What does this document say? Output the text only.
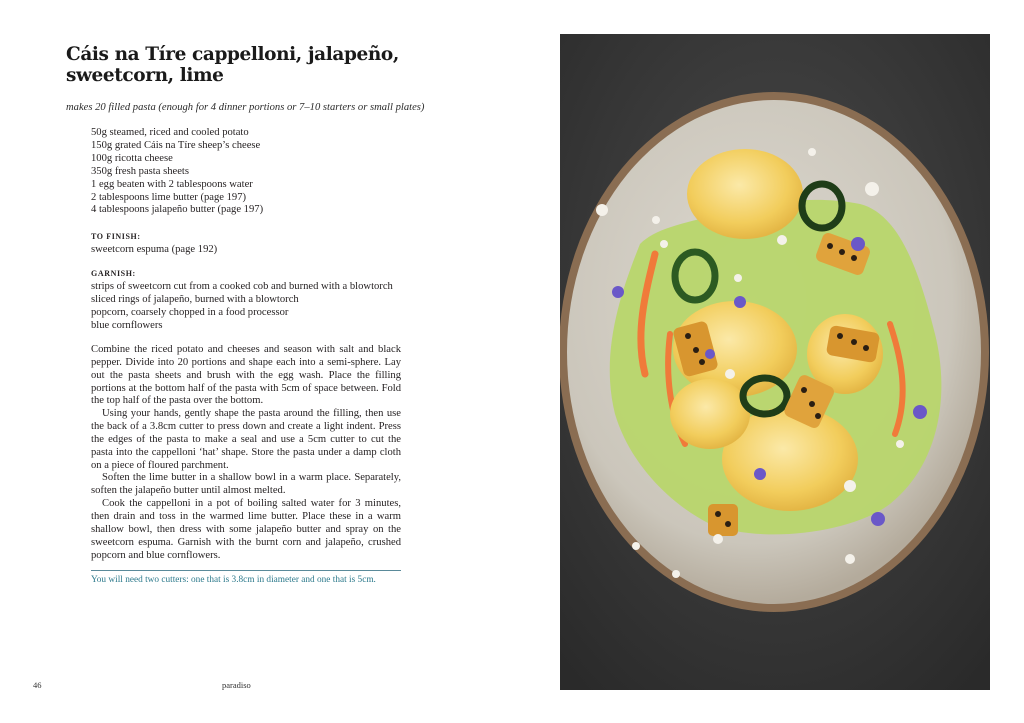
Cáis na Tíre cappelloni, jalapeño, sweetcorn, lime
makes 20 filled pasta (enough for 4 dinner portions or 7–10 starters or small plates)
50g steamed, riced and cooled potato
150g grated Cáis na Tíre sheep’s cheese
100g ricotta cheese
350g fresh pasta sheets
1 egg beaten with 2 tablespoons water
2 tablespoons lime butter (page 197)
4 tablespoons jalapeño butter (page 197)
TO FINISH:
sweetcorn espuma (page 192)
GARNISH:
strips of sweetcorn cut from a cooked cob and burned with a blowtorch
sliced rings of jalapeño, burned with a blowtorch
popcorn, coarsely chopped in a food processor
blue cornflowers

Combine the riced potato and cheeses and season with salt and black pepper. Divide into 20 portions and shape each into a semi-sphere. Lay out the pasta sheets and brush with the egg wash. Place the filling portions at the bottom half of the pasta with 5cm of space between. Fold the top half of the pasta over the bottom.

Using your hands, gently shape the pasta around the filling, then use the back of a 3.8cm cutter to press down and create a light indent. Press the edges of the pasta to make a seal and use a 5cm cutter to cut the pasta into the cappelloni ‘hat’ shape. Store the pasta under a damp cloth on a piece of floured parchment.

Soften the lime butter in a shallow bowl in a warm place. Separately, soften the jalapeño butter until almost melted.

Cook the cappelloni in a pot of boiling salted water for 3 minutes, then drain and toss in the warmed lime butter. Place these in a warm shallow bowl, then dress with some jalapeño butter and spray on the sweetcorn espuma. Garnish with the burnt corn and jalapeño, crushed popcorn and blue cornflowers.

You will need two cutters: one that is 3.8cm in diameter and one that is 5cm.
46	paradiso
